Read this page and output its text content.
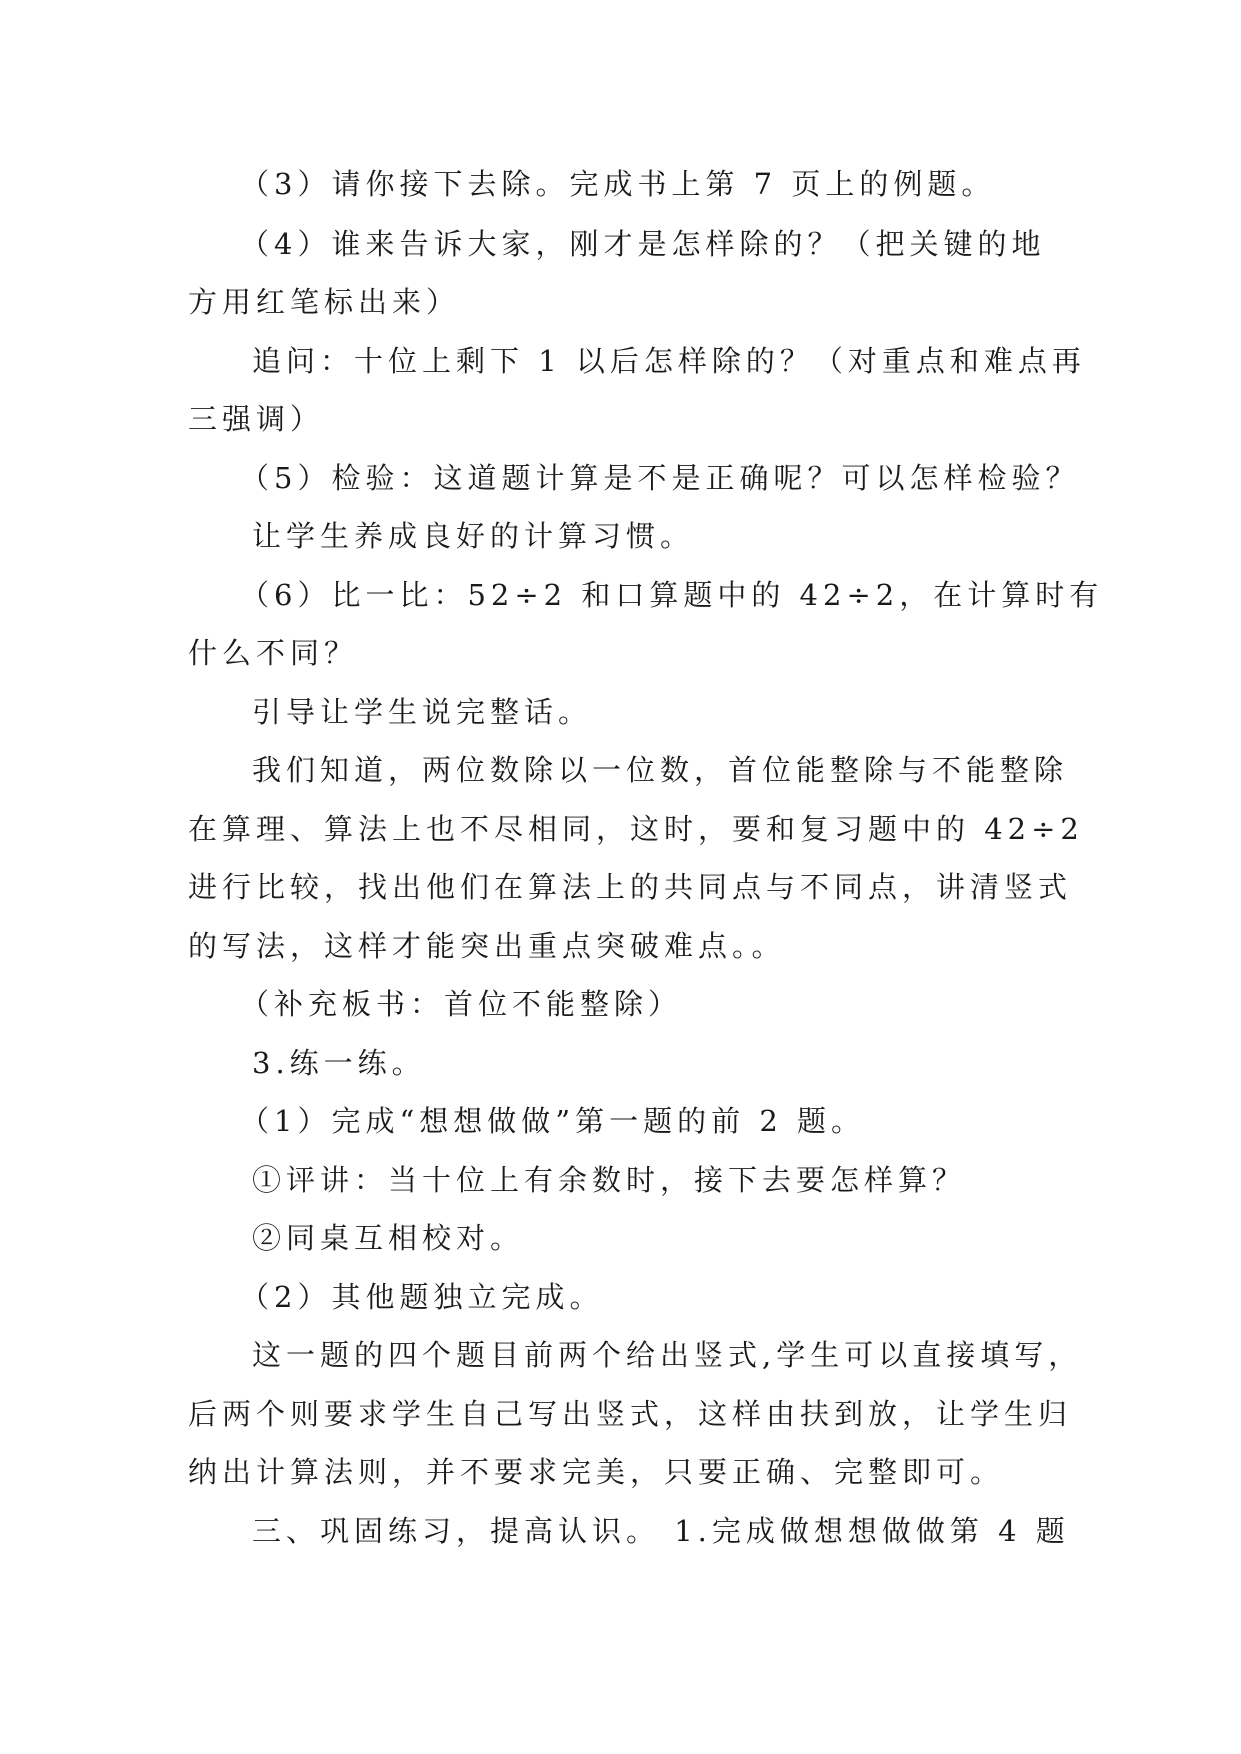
（3）请你接下去除。完成书上第 7 页上的例题。
（4）谁来告诉大家，刚才是怎样除的？（把关键的地
方用红笔标出来）
追问：十位上剩下 1 以后怎样除的？（对重点和难点再
三强调）
（5）检验：这道题计算是不是正确呢？可以怎样检验？
让学生养成良好的计算习惯。
（6）比一比：52÷2 和口算题中的 42÷2，在计算时有
什么不同？
引导让学生说完整话。
我们知道，两位数除以一位数，首位能整除与不能整除
在算理、算法上也不尽相同，这时，要和复习题中的 42÷2
进行比较，找出他们在算法上的共同点与不同点，讲清竖式
的写法，这样才能突出重点突破难点。。
（补充板书：首位不能整除）
3.练一练。
（1）完成“想想做做”第一题的前 2 题。
①评讲：当十位上有余数时，接下去要怎样算？
②同桌互相校对。
（2）其他题独立完成。
这一题的四个题目前两个给出竖式,学生可以直接填写，
后两个则要求学生自己写出竖式，这样由扶到放，让学生归
纳出计算法则，并不要求完美，只要正确、完整即可。
三、巩固练习，提高认识。 1.完成做想想做做第 4 题
